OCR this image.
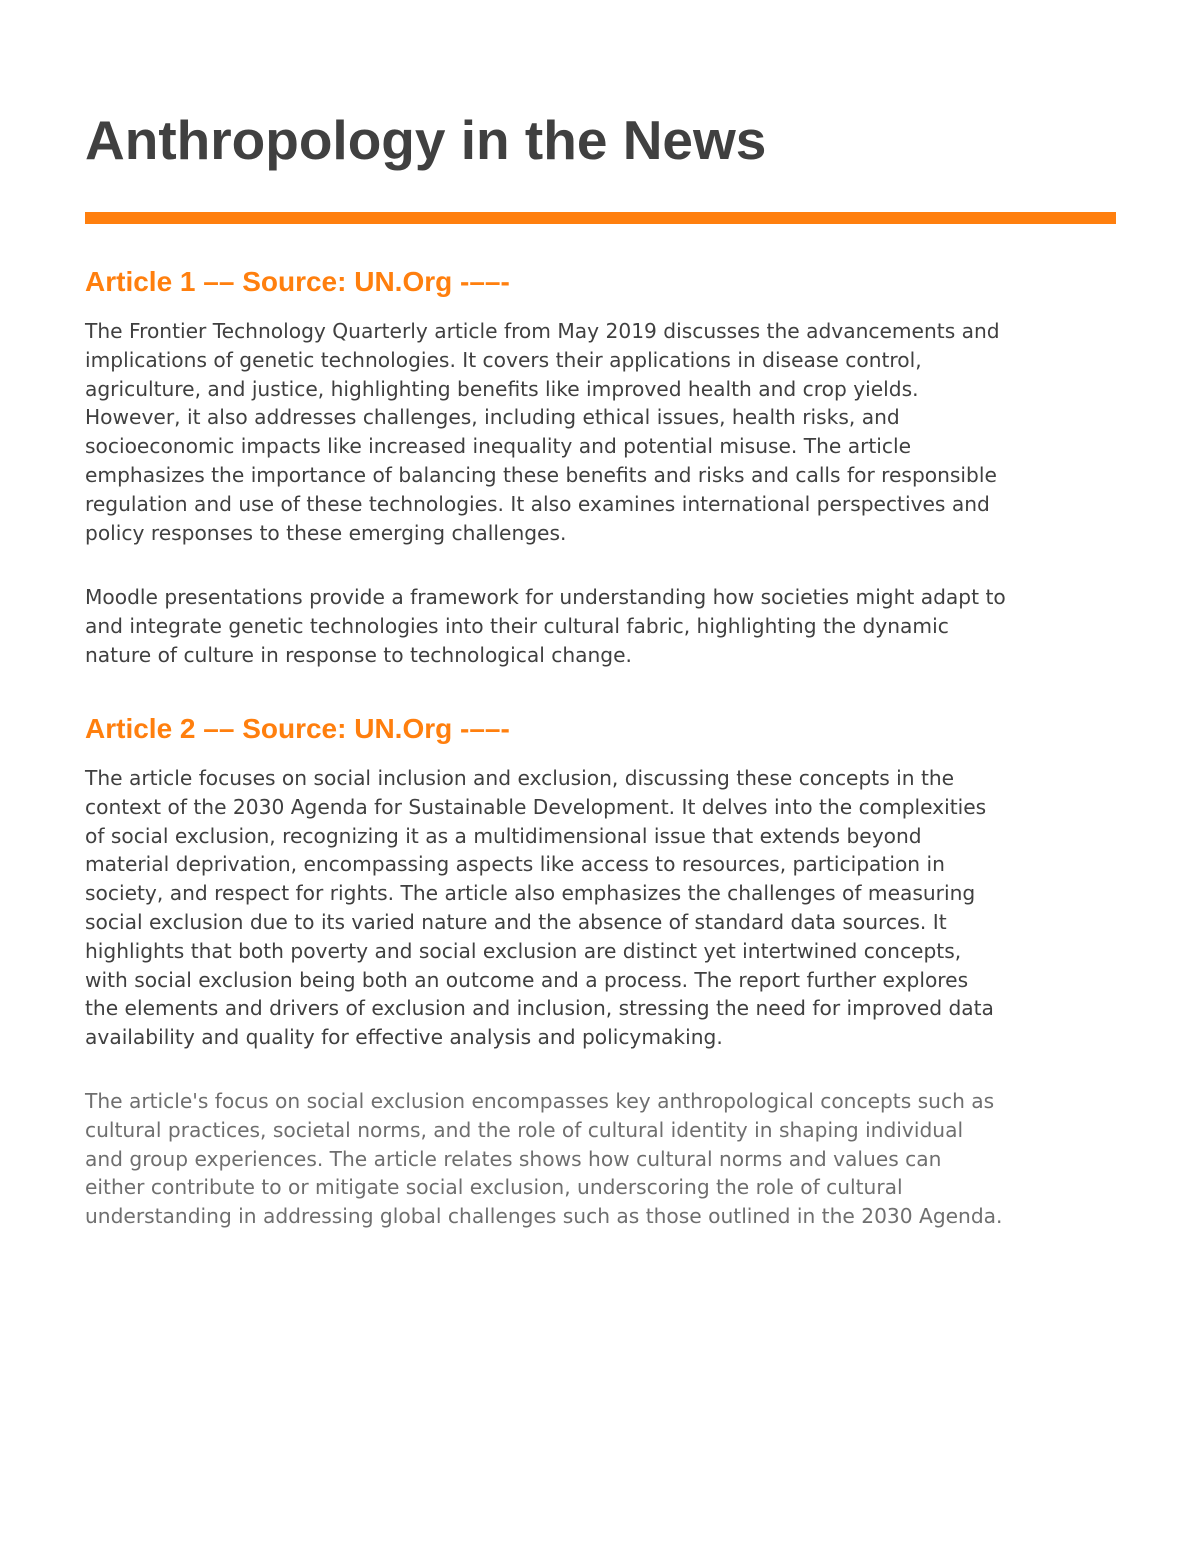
Anthropology in the News
Article 1 –– Source: UN.Org -––-

The Frontier Technology Quarterly article from May 2019 discusses the advancements and
implications of genetic technologies. It covers their applications in disease control,
agriculture, and justice, highlighting benefits like improved health and crop yields.
However, it also addresses challenges, including ethical issues, health risks, and
socioeconomic impacts like increased inequality and potential misuse. The article
emphasizes the importance of balancing these benefits and risks and calls for responsible
regulation and use of these technologies. It also examines international perspectives and
policy responses to these emerging challenges.

Moodle presentations provide a framework for understanding how societies might adapt to
and integrate genetic technologies into their cultural fabric, highlighting the dynamic
nature of culture in response to technological change.

Article 2 –– Source: UN.Org -––-

The article focuses on social inclusion and exclusion, discussing these concepts in the
context of the 2030 Agenda for Sustainable Development. It delves into the complexities
of social exclusion, recognizing it as a multidimensional issue that extends beyond
material deprivation, encompassing aspects like access to resources, participation in
society, and respect for rights. The article also emphasizes the challenges of measuring
social exclusion due to its varied nature and the absence of standard data sources. It
highlights that both poverty and social exclusion are distinct yet intertwined concepts,
with social exclusion being both an outcome and a process. The report further explores
the elements and drivers of exclusion and inclusion, stressing the need for improved data
availability and quality for effective analysis and policymaking.

The article's focus on social exclusion encompasses key anthropological concepts such as
cultural practices, societal norms, and the role of cultural identity in shaping individual
and group experiences. The article relates shows how cultural norms and values can
either contribute to or mitigate social exclusion, underscoring the role of cultural
understanding in addressing global challenges such as those outlined in the 2030 Agenda.
